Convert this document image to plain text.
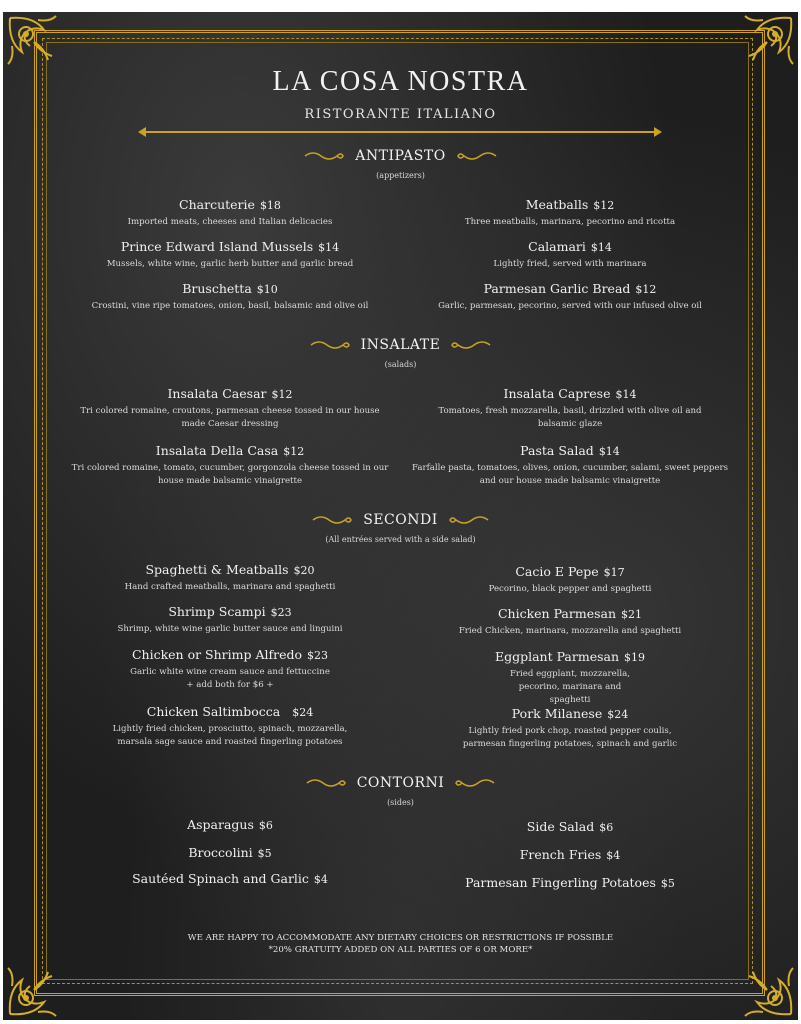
LA COSA NOSTRA
RISTORANTE ITALIANO
ANTIPASTO
(appetizers)
Charcuterie $18
Imported meats, cheeses and Italian delicacies
Prince Edward Island Mussels $14
Mussels, white wine, garlic herb butter and garlic bread
Bruschetta $10
Crostini, vine ripe tomatoes, onion, basil, balsamic and olive oil
Meatballs $12
Three meatballs, marinara, pecorino and ricotta
Calamari $14
Lightly fried, served with marinara
Parmesan Garlic Bread $12
Garlic, parmesan, pecorino, served with our infused olive oil
INSALATE
(salads)
Insalata Caesar $12
Tri colored romaine, croutons, parmesan cheese tossed in our house made Caesar dressing
Insalata Della Casa $12
Tri colored romaine, tomato, cucumber, gorgonzola cheese tossed in our house made balsamic vinaigrette
Insalata Caprese $14
Tomatoes, fresh mozzarella, basil, drizzled with olive oil and balsamic glaze
Pasta Salad $14
Farfalle pasta, tomatoes, olives, onion, cucumber, salami, sweet peppers and our house made balsamic vinaigrette
SECONDI
(All entrées served with a side salad)
Spaghetti & Meatballs $20
Hand crafted meatballs, marinara and spaghetti
Shrimp Scampi $23
Shrimp, white wine garlic butter sauce and linguini
Chicken or Shrimp Alfredo $23
Garlic white wine cream sauce and fettuccine
+ add both for $6 +
Chicken Saltimbocca $24
Lightly fried chicken, prosciutto, spinach, mozzarella, marsala sage sauce and roasted fingerling potatoes
Cacio E Pepe $17
Pecorino, black pepper and spaghetti
Chicken Parmesan $21
Fried Chicken, marinara, mozzarella and spaghetti
Eggplant Parmesan $19
Fried eggplant, mozzarella, pecorino, marinara and spaghetti
Pork Milanese $24
Lightly fried pork chop, roasted pepper coulis, parmesan fingerling potatoes, spinach and garlic
CONTORNI
(sides)
Asparagus $6
Broccolini $5
Sautéed Spinach and Garlic $4
Side Salad $6
French Fries $4
Parmesan Fingerling Potatoes $5
WE ARE HAPPY TO ACCOMMODATE ANY DIETARY CHOICES OR RESTRICTIONS IF POSSIBLE
*20% GRATUITY ADDED ON ALL PARTIES OF 6 OR MORE*
